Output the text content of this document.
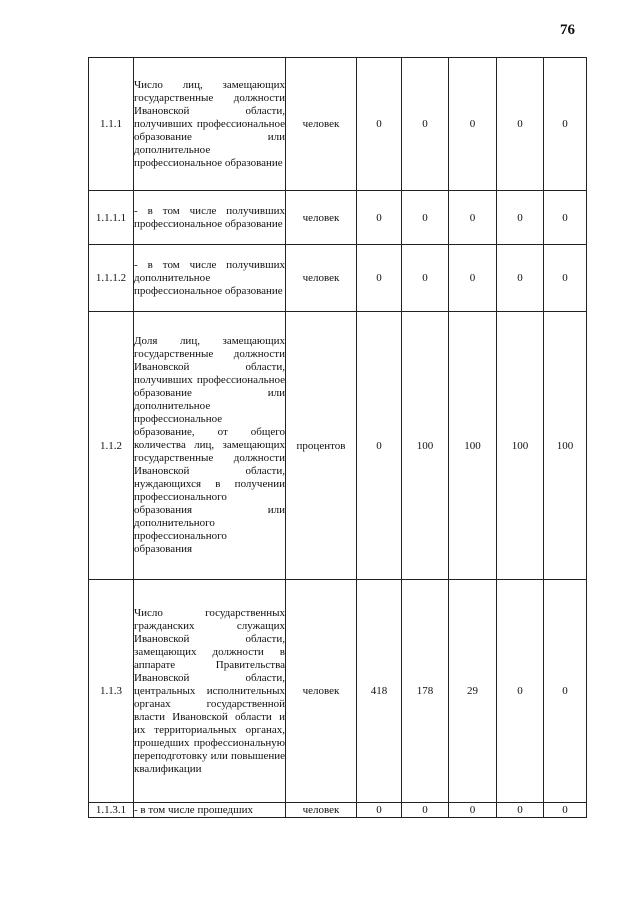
76
1.1.1	Число лиц, замещающих государственные должности Ивановской области, получивших профессиональное образование или дополнительное профессиональное образование	человек	0	0	0	0	0
1.1.1.1	- в том числе получивших профессиональное образование	человек	0	0	0	0	0
1.1.1.2	- в том числе получивших дополнительное профессиональное образование	человек	0	0	0	0	0
1.1.2	Доля лиц, замещающих государственные должности Ивановской области, получивших профессиональное образование или дополнительное профессиональное образование, от общего количества лиц, замещающих государственные должности Ивановской области, нуждающихся в получении профессионального образования или дополнительного профессионального образования	процентов	0	100	100	100	100
1.1.3	Число государственных гражданских служащих Ивановской области, замещающих должности в аппарате Правительства Ивановской области, центральных исполнительных органах государственной власти Ивановской области и их территориальных органах, прошедших профессиональную переподготовку или повышение квалификации	человек	418	178	29	0	0
1.1.3.1	- в том числе прошедших	человек	0	0	0	0	0
